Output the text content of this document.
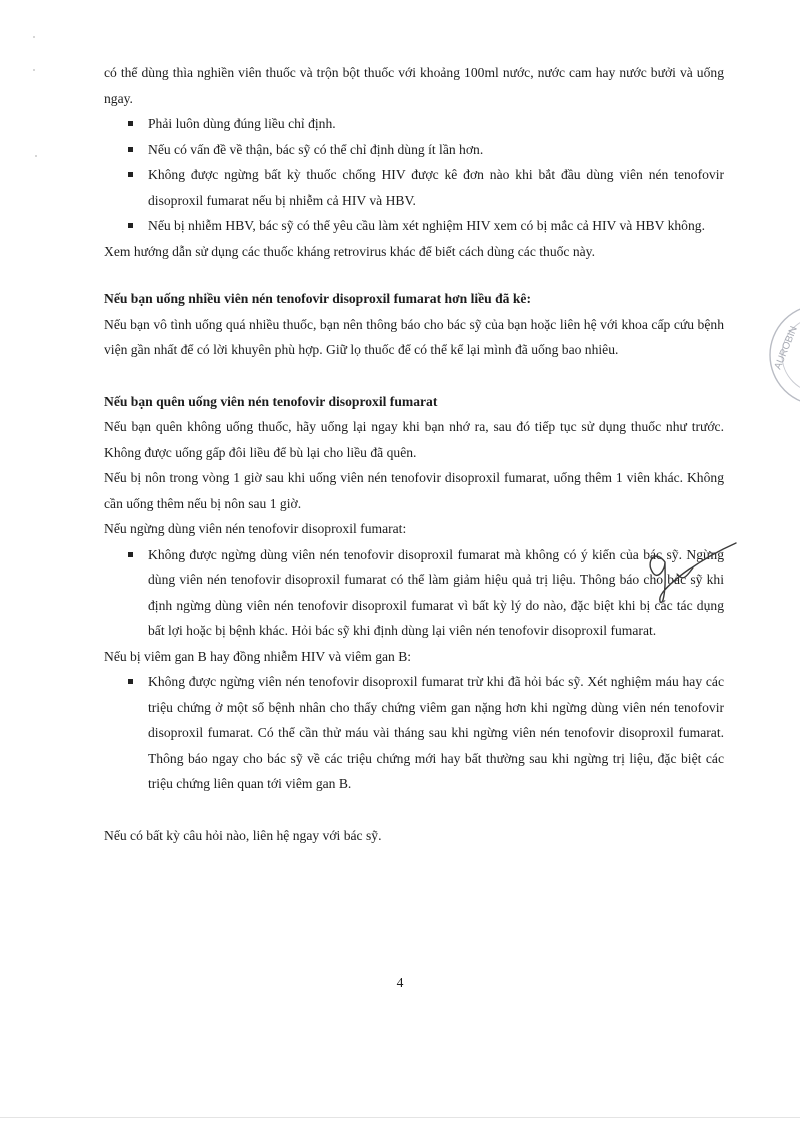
có thể dùng thìa nghiền viên thuốc và trộn bột thuốc với khoảng 100ml nước, nước cam hay nước bưởi và uống ngay.

Phải luôn dùng đúng liều chỉ định.
Nếu có vấn đề về thận, bác sỹ có thể chỉ định dùng ít lần hơn.
Không được ngừng bất kỳ thuốc chống HIV được kê đơn nào khi bắt đầu dùng viên nén tenofovir disoproxil fumarat nếu bị nhiễm cả HIV và HBV.
Nếu bị nhiễm HBV, bác sỹ có thể yêu cầu làm xét nghiệm HIV xem có bị mắc cả HIV và HBV không.

Xem hướng dẫn sử dụng các thuốc kháng retrovirus khác để biết cách dùng các thuốc này.

Nếu bạn uống nhiều viên nén tenofovir disoproxil fumarat hơn liều đã kê:

Nếu bạn vô tình uống quá nhiều thuốc, bạn nên thông báo cho bác sỹ của bạn hoặc liên hệ với khoa cấp cứu bệnh viện gần nhất để có lời khuyên phù hợp. Giữ lọ thuốc để có thể kể lại mình đã uống bao nhiêu.

Nếu bạn quên uống viên nén tenofovir disoproxil fumarat

Nếu bạn quên không uống thuốc, hãy uống lại ngay khi bạn nhớ ra, sau đó tiếp tục sử dụng thuốc như trước. Không được uống gấp đôi liều để bù lại cho liều đã quên.

Nếu bị nôn trong vòng 1 giờ sau khi uống viên nén tenofovir disoproxil fumarat, uống thêm 1 viên khác. Không cần uống thêm nếu bị nôn sau 1 giờ.

Nếu ngừng dùng viên nén tenofovir disoproxil fumarat:

Không được ngừng dùng viên nén tenofovir disoproxil fumarat mà không có ý kiến của bác sỹ. Ngừng dùng viên nén tenofovir disoproxil fumarat có thể làm giảm hiệu quả trị liệu. Thông báo cho bác sỹ khi định ngừng dùng viên nén tenofovir disoproxil fumarat vì bất kỳ lý do nào, đặc biệt khi bị các tác dụng bất lợi hoặc bị bệnh khác. Hỏi bác sỹ khi định dùng lại viên nén tenofovir disoproxil fumarat.

Nếu bị viêm gan B hay đồng nhiễm HIV và viêm gan B:

Không được ngừng viên nén tenofovir disoproxil fumarat trừ khi đã hỏi bác sỹ. Xét nghiệm máu hay các triệu chứng ở một số bệnh nhân cho thấy chứng viêm gan nặng hơn khi ngừng dùng viên nén tenofovir disoproxil fumarat. Có thể cần thử máu vài tháng sau khi ngừng viên nén tenofovir disoproxil fumarat. Thông báo ngay cho bác sỹ về các triệu chứng mới hay bất thường sau khi ngừng trị liệu, đặc biệt các triệu chứng liên quan tới viêm gan B.

Nếu có bất kỳ câu hỏi nào, liên hệ ngay với bác sỹ.

4
AUROBIN
